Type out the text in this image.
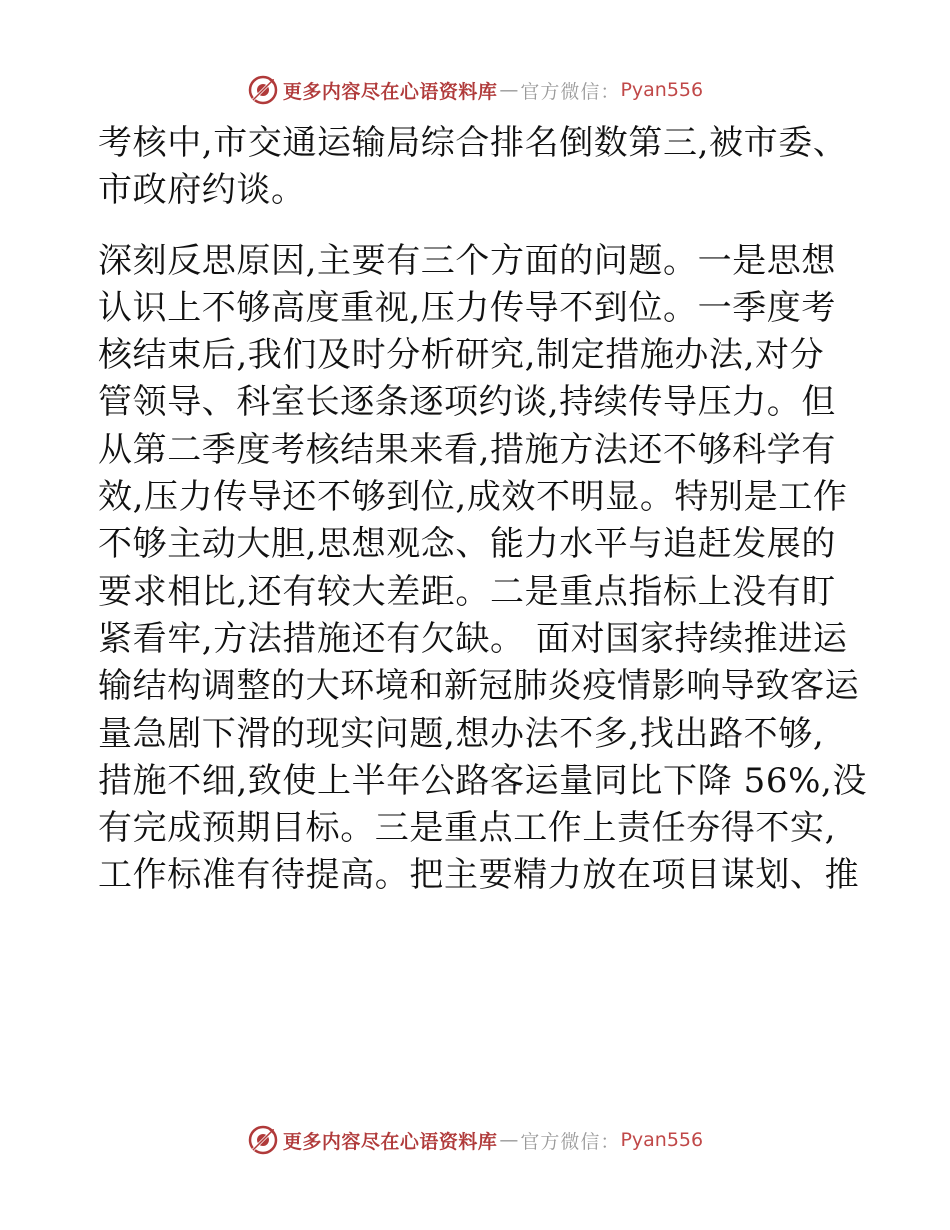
更多内容尽在心语资料库 — 官方微信： Pyan556
考核中,市交通运输局综合排名倒数第三,被市委、
市政府约谈。
深刻反思原因,主要有三个方面的问题。一是思想
认识上不够高度重视,压力传导不到位。一季度考
核结束后,我们及时分析研究,制定措施办法,对分
管领导、科室长逐条逐项约谈,持续传导压力。但
从第二季度考核结果来看,措施方法还不够科学有
效,压力传导还不够到位,成效不明显。特别是工作
不够主动大胆,思想观念、能力水平与追赶发展的
要求相比,还有较大差距。二是重点指标上没有盯
紧看牢,方法措施还有欠缺。 面对国家持续推进运
输结构调整的大环境和新冠肺炎疫情影响导致客运
量急剧下滑的现实问题,想办法不多,找出路不够,
措施不细,致使上半年公路客运量同比下降 56%,没
有完成预期目标。三是重点工作上责任夯得不实,
工作标准有待提高。把主要精力放在项目谋划、推
更多内容尽在心语资料库 — 官方微信： Pyan556
